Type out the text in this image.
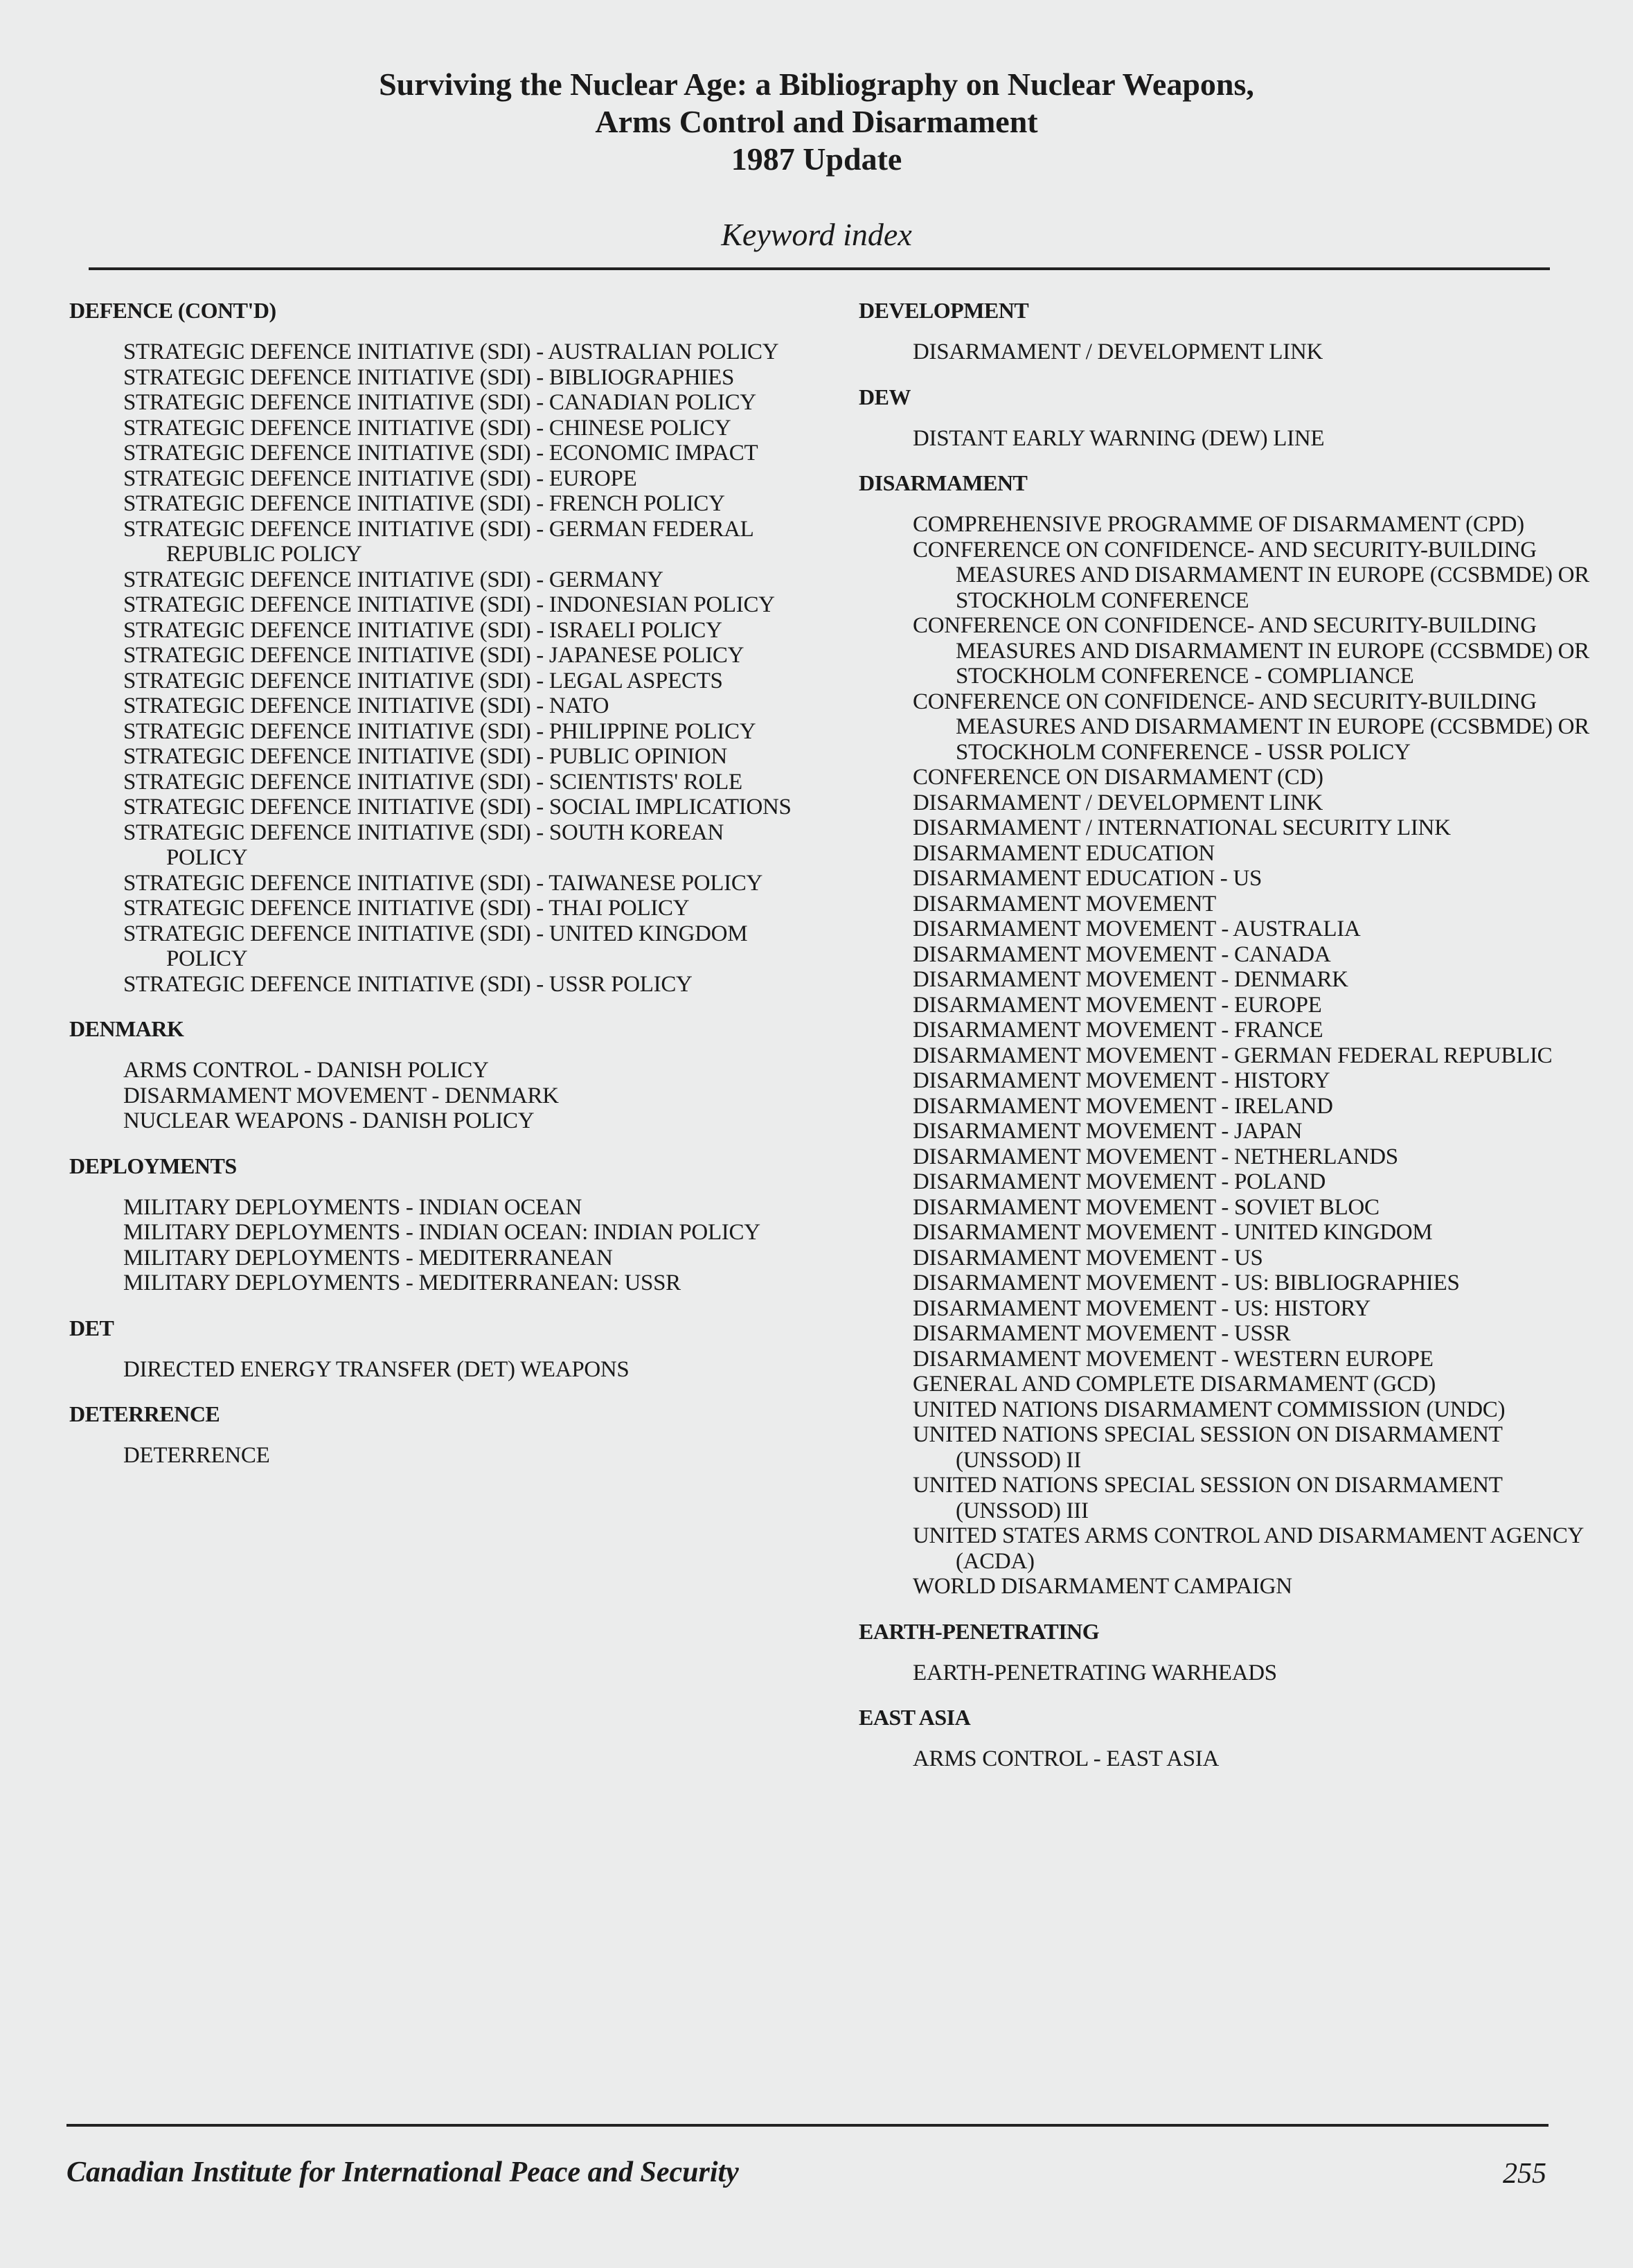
Surviving the Nuclear Age: a Bibliography on Nuclear Weapons,
Arms Control and Disarmament
1987 Update
Keyword index
DEFENCE (CONT'D)
STRATEGIC DEFENCE INITIATIVE (SDI) - AUSTRALIAN POLICY
STRATEGIC DEFENCE INITIATIVE (SDI) - BIBLIOGRAPHIES
STRATEGIC DEFENCE INITIATIVE (SDI) - CANADIAN POLICY
STRATEGIC DEFENCE INITIATIVE (SDI) - CHINESE POLICY
STRATEGIC DEFENCE INITIATIVE (SDI) - ECONOMIC IMPACT
STRATEGIC DEFENCE INITIATIVE (SDI) - EUROPE
STRATEGIC DEFENCE INITIATIVE (SDI) - FRENCH POLICY
STRATEGIC DEFENCE INITIATIVE (SDI) - GERMAN FEDERAL REPUBLIC POLICY
STRATEGIC DEFENCE INITIATIVE (SDI) - GERMANY
STRATEGIC DEFENCE INITIATIVE (SDI) - INDONESIAN POLICY
STRATEGIC DEFENCE INITIATIVE (SDI) - ISRAELI POLICY
STRATEGIC DEFENCE INITIATIVE (SDI) - JAPANESE POLICY
STRATEGIC DEFENCE INITIATIVE (SDI) - LEGAL ASPECTS
STRATEGIC DEFENCE INITIATIVE (SDI) - NATO
STRATEGIC DEFENCE INITIATIVE (SDI) - PHILIPPINE POLICY
STRATEGIC DEFENCE INITIATIVE (SDI) - PUBLIC OPINION
STRATEGIC DEFENCE INITIATIVE (SDI) - SCIENTISTS' ROLE
STRATEGIC DEFENCE INITIATIVE (SDI) - SOCIAL IMPLICATIONS
STRATEGIC DEFENCE INITIATIVE (SDI) - SOUTH KOREAN POLICY
STRATEGIC DEFENCE INITIATIVE (SDI) - TAIWANESE POLICY
STRATEGIC DEFENCE INITIATIVE (SDI) - THAI POLICY
STRATEGIC DEFENCE INITIATIVE (SDI) - UNITED KINGDOM POLICY
STRATEGIC DEFENCE INITIATIVE (SDI) - USSR POLICY
DENMARK
ARMS CONTROL - DANISH POLICY
DISARMAMENT MOVEMENT - DENMARK
NUCLEAR WEAPONS - DANISH POLICY
DEPLOYMENTS
MILITARY DEPLOYMENTS - INDIAN OCEAN
MILITARY DEPLOYMENTS - INDIAN OCEAN: INDIAN POLICY
MILITARY DEPLOYMENTS - MEDITERRANEAN
MILITARY DEPLOYMENTS - MEDITERRANEAN: USSR
DET
DIRECTED ENERGY TRANSFER (DET) WEAPONS
DETERRENCE
DETERRENCE
DEVELOPMENT
DISARMAMENT / DEVELOPMENT LINK
DEW
DISTANT EARLY WARNING (DEW) LINE
DISARMAMENT
COMPREHENSIVE PROGRAMME OF DISARMAMENT (CPD)
CONFERENCE ON CONFIDENCE- AND SECURITY-BUILDING MEASURES AND DISARMAMENT IN EUROPE (CCSBMDE) OR STOCKHOLM CONFERENCE
CONFERENCE ON CONFIDENCE- AND SECURITY-BUILDING MEASURES AND DISARMAMENT IN EUROPE (CCSBMDE) OR STOCKHOLM CONFERENCE - COMPLIANCE
CONFERENCE ON CONFIDENCE- AND SECURITY-BUILDING MEASURES AND DISARMAMENT IN EUROPE (CCSBMDE) OR STOCKHOLM CONFERENCE - USSR POLICY
CONFERENCE ON DISARMAMENT (CD)
DISARMAMENT / DEVELOPMENT LINK
DISARMAMENT / INTERNATIONAL SECURITY LINK
DISARMAMENT EDUCATION
DISARMAMENT EDUCATION - US
DISARMAMENT MOVEMENT
DISARMAMENT MOVEMENT - AUSTRALIA
DISARMAMENT MOVEMENT - CANADA
DISARMAMENT MOVEMENT - DENMARK
DISARMAMENT MOVEMENT - EUROPE
DISARMAMENT MOVEMENT - FRANCE
DISARMAMENT MOVEMENT - GERMAN FEDERAL REPUBLIC
DISARMAMENT MOVEMENT - HISTORY
DISARMAMENT MOVEMENT - IRELAND
DISARMAMENT MOVEMENT - JAPAN
DISARMAMENT MOVEMENT - NETHERLANDS
DISARMAMENT MOVEMENT - POLAND
DISARMAMENT MOVEMENT - SOVIET BLOC
DISARMAMENT MOVEMENT - UNITED KINGDOM
DISARMAMENT MOVEMENT - US
DISARMAMENT MOVEMENT - US: BIBLIOGRAPHIES
DISARMAMENT MOVEMENT - US: HISTORY
DISARMAMENT MOVEMENT - USSR
DISARMAMENT MOVEMENT - WESTERN EUROPE
GENERAL AND COMPLETE DISARMAMENT (GCD)
UNITED NATIONS DISARMAMENT COMMISSION (UNDC)
UNITED NATIONS SPECIAL SESSION ON DISARMAMENT (UNSSOD) II
UNITED NATIONS SPECIAL SESSION ON DISARMAMENT (UNSSOD) III
UNITED STATES ARMS CONTROL AND DISARMAMENT AGENCY (ACDA)
WORLD DISARMAMENT CAMPAIGN
EARTH-PENETRATING
EARTH-PENETRATING WARHEADS
EAST ASIA
ARMS CONTROL - EAST ASIA
Canadian Institute for International Peace and Security	255
